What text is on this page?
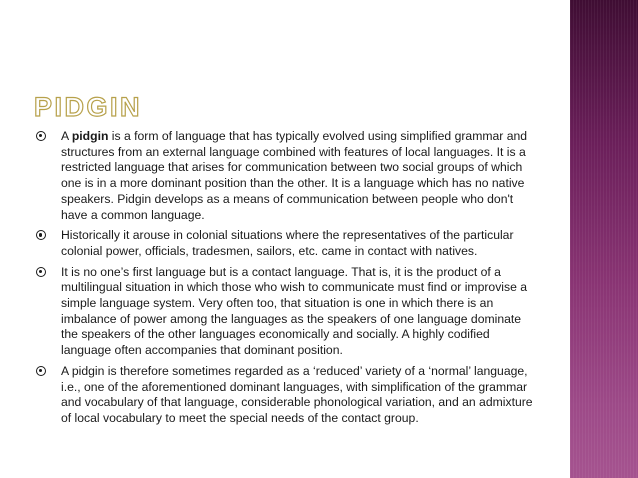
PIDGIN
A pidgin is a form of language that has typically evolved using simplified grammar and structures from an external language combined with features of local languages. It is a restricted language that arises for communication between two social groups of which one is in a more dominant position than the other. It is a language which has no native speakers. Pidgin develops as a means of communication between people who don't have a common language.
Historically it arouse in colonial situations where the representatives of the particular colonial power, officials, tradesmen, sailors, etc. came in contact with natives.
It is no one’s first language but is a contact language. That is, it is the product of a multilingual situation in which those who wish to communicate must find or improvise a simple language system. Very often too, that situation is one in which there is an imbalance of power among the languages as the speakers of one language dominate the speakers of the other languages economically and socially. A highly codified language often accompanies that dominant position.
A pidgin is therefore sometimes regarded as a ‘reduced’ variety of a ‘normal’ language, i.e., one of the aforementioned dominant languages, with simplification of the grammar and vocabulary of that language, considerable phonological variation, and an admixture of local vocabulary to meet the special needs of the contact group.
